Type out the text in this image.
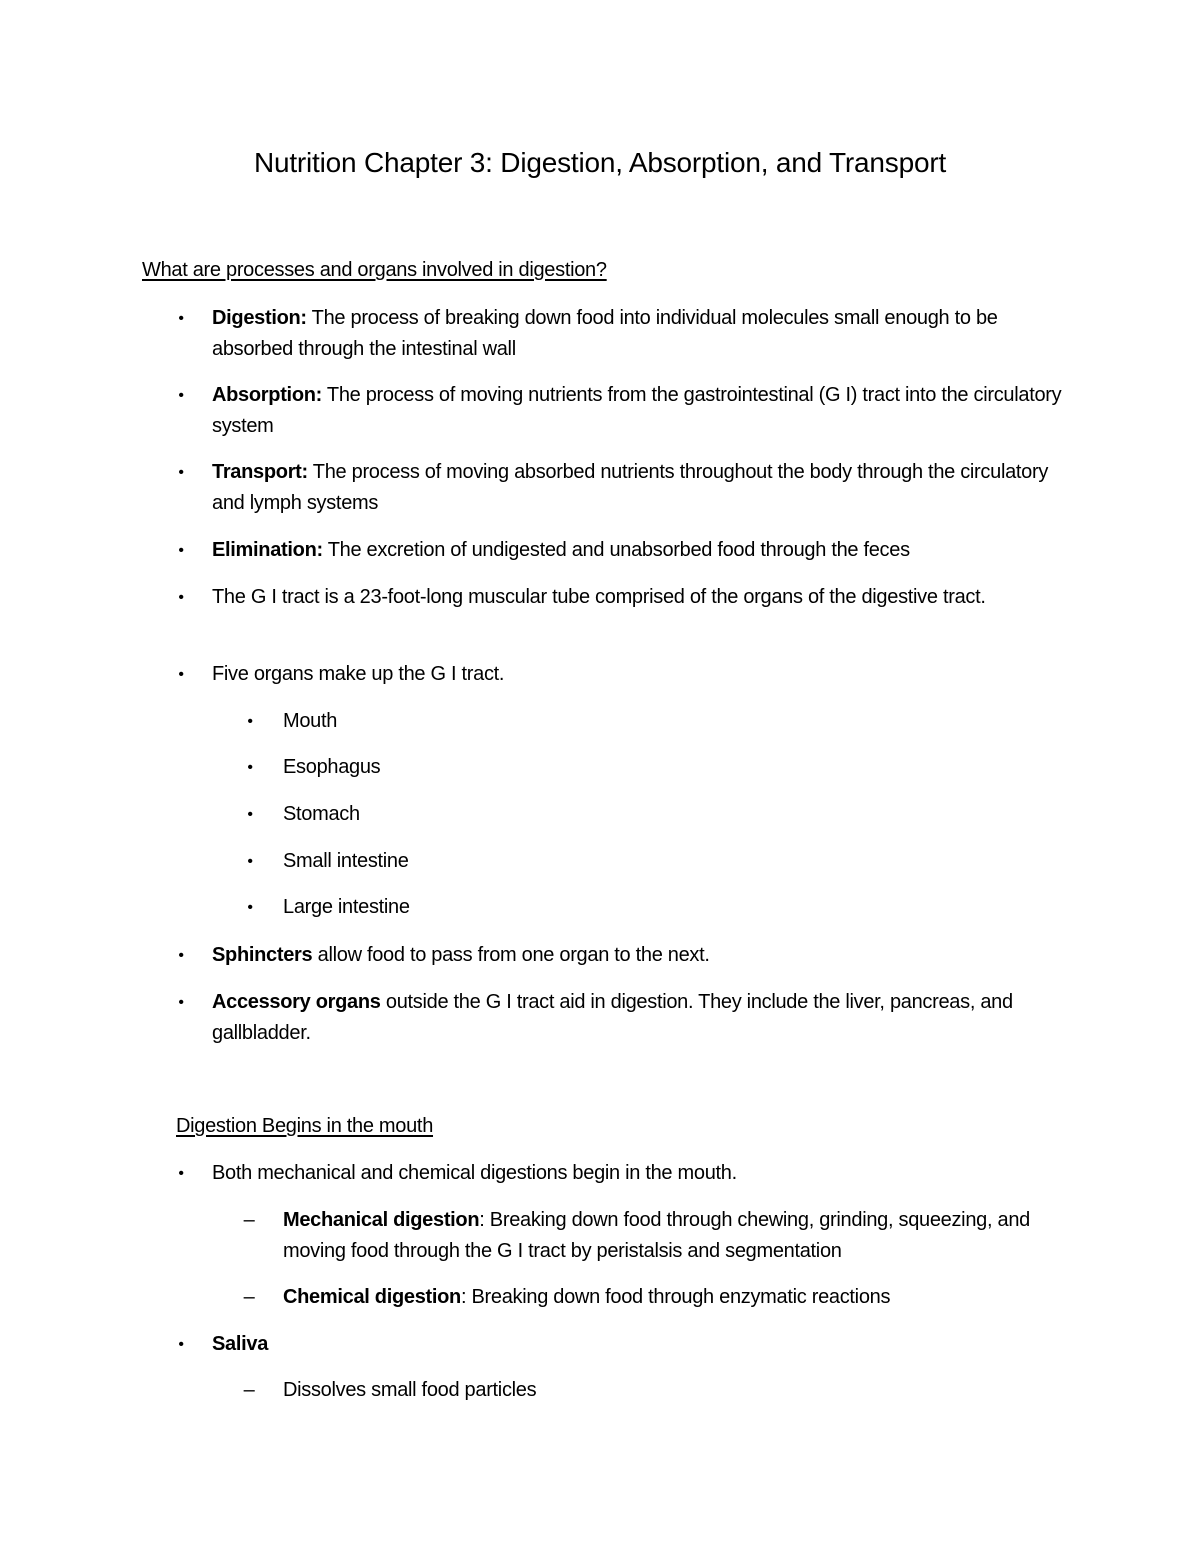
Nutrition Chapter 3: Digestion, Absorption, and Transport
What are processes and organs involved in digestion?
•	Digestion: The process of breaking down food into individual molecules small enough to be absorbed through the intestinal wall
•	Absorption: The process of moving nutrients from the gastrointestinal (G I) tract into the circulatory system
•	Transport: The process of moving absorbed nutrients throughout the body through the circulatory and lymph systems
•	Elimination: The excretion of undigested and unabsorbed food through the feces
•	The G I tract is a 23-foot-long muscular tube comprised of the organs of the digestive tract.
•	Five organs make up the G I tract.
•	Mouth
•	Esophagus
•	Stomach
•	Small intestine
•	Large intestine
•	Sphincters allow food to pass from one organ to the next.
•	Accessory organs outside the G I tract aid in digestion. They include the liver, pancreas, and gallbladder.
Digestion Begins in the mouth
•	Both mechanical and chemical digestions begin in the mouth.
– Mechanical digestion: Breaking down food through chewing, grinding, squeezing, and moving food through the G I tract by peristalsis and segmentation
– Chemical digestion: Breaking down food through enzymatic reactions
•	Saliva
– Dissolves small food particles
